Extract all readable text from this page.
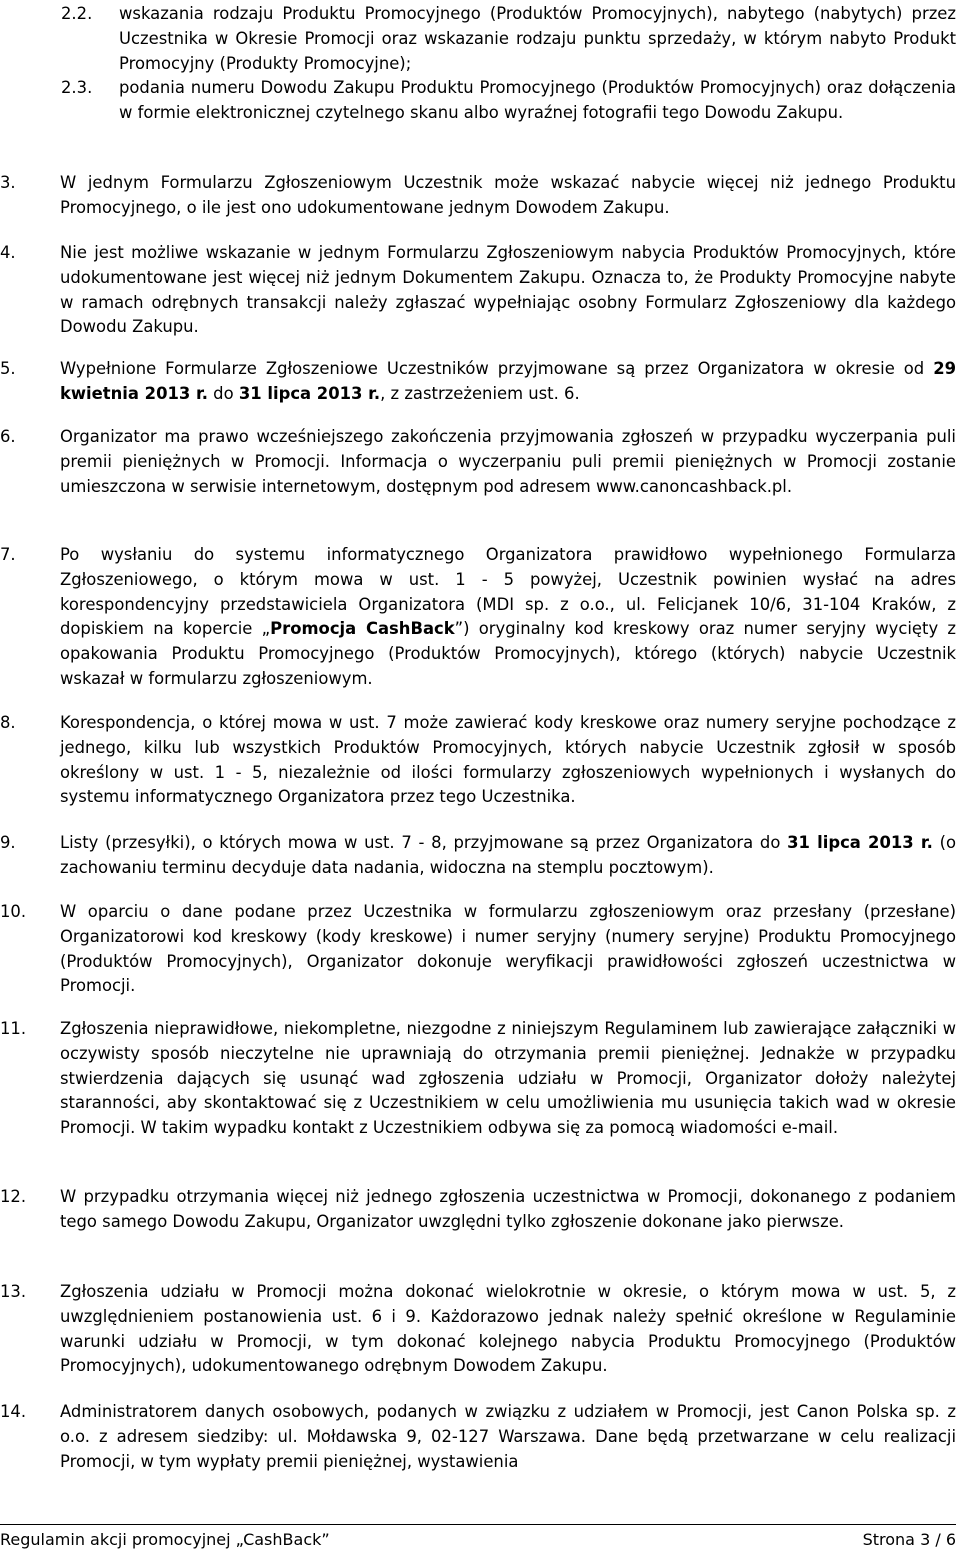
2.2. wskazania rodzaju Produktu Promocyjnego (Produktów Promocyjnych), nabytego (nabytych) przez Uczestnika w Okresie Promocji oraz wskazanie rodzaju punktu sprzedaży, w którym nabyto Produkt Promocyjny (Produkty Promocyjne);
2.3. podania numeru Dowodu Zakupu Produktu Promocyjnego (Produktów Promocyjnych) oraz dołączenia w formie elektronicznej czytelnego skanu albo wyraźnej fotografii tego Dowodu Zakupu.
3.	W jednym Formularzu Zgłoszeniowym Uczestnik może wskazać nabycie więcej niż jednego Produktu Promocyjnego, o ile jest ono udokumentowane jednym Dowodem Zakupu.
4.	Nie jest możliwe wskazanie w jednym Formularzu Zgłoszeniowym nabycia Produktów Promocyjnych, które udokumentowane jest więcej niż jednym Dokumentem Zakupu. Oznacza to, że Produkty Promocyjne nabyte w ramach odrębnych transakcji należy zgłaszać wypełniając osobny Formularz Zgłoszeniowy dla każdego Dowodu Zakupu.
5.	Wypełnione Formularze Zgłoszeniowe Uczestników przyjmowane są przez Organizatora w okresie od 29 kwietnia 2013 r. do 31 lipca 2013 r., z zastrzeżeniem ust. 6.
6.	Organizator ma prawo wcześniejszego zakończenia przyjmowania zgłoszeń w przypadku wyczerpania puli premii pieniężnych w Promocji. Informacja o wyczerpaniu puli premii pieniężnych w Promocji zostanie umieszczona w serwisie internetowym, dostępnym pod adresem www.canoncashback.pl.
7.	Po wysłaniu do systemu informatycznego Organizatora prawidłowo wypełnionego Formularza Zgłoszeniowego, o którym mowa w ust. 1 - 5 powyżej, Uczestnik powinien wysłać na adres korespondencyjny przedstawiciela Organizatora (MDI sp. z o.o., ul. Felicjanek 10/6, 31-104 Kraków, z dopiskiem na kopercie „Promocja CashBack”) oryginalny kod kreskowy oraz numer seryjny wycięty z opakowania Produktu Promocyjnego (Produktów Promocyjnych), którego (których) nabycie Uczestnik wskazał w formularzu zgłoszeniowym.
8.	Korespondencja, o której mowa w ust. 7 może zawierać kody kreskowe oraz numery seryjne pochodzące z jednego, kilku lub wszystkich Produktów Promocyjnych, których nabycie Uczestnik zgłosił w sposób określony w ust. 1 - 5, niezależnie od ilości formularzy zgłoszeniowych wypełnionych i wysłanych do systemu informatycznego Organizatora przez tego Uczestnika.
9.	Listy (przesyłki), o których mowa w ust. 7 - 8, przyjmowane są przez Organizatora do 31 lipca 2013 r. (o zachowaniu terminu decyduje data nadania, widoczna na stemplu pocztowym).
10. W oparciu o dane podane przez Uczestnika w formularzu zgłoszeniowym oraz przesłany (przesłane) Organizatorowi kod kreskowy (kody kreskowe) i numer seryjny (numery seryjne) Produktu Promocyjnego (Produktów Promocyjnych), Organizator dokonuje weryfikacji prawidłowości zgłoszeń uczestnictwa w Promocji.
11. Zgłoszenia nieprawidłowe, niekompletne, niezgodne z niniejszym Regulaminem lub zawierające załączniki w oczywisty sposób nieczytelne nie uprawniają do otrzymania premii pieniężnej. Jednakże w przypadku stwierdzenia dających się usunąć wad zgłoszenia udziału w Promocji, Organizator dołoży należytej staranności, aby skontaktować się z Uczestnikiem w celu umożliwienia mu usunięcia takich wad w okresie Promocji. W takim wypadku kontakt z Uczestnikiem odbywa się za pomocą wiadomości e-mail.
12. W przypadku otrzymania więcej niż jednego zgłoszenia uczestnictwa w Promocji, dokonanego z podaniem tego samego Dowodu Zakupu, Organizator uwzględni tylko zgłoszenie dokonane jako pierwsze.
13. Zgłoszenia udziału w Promocji można dokonać wielokrotnie w okresie, o którym mowa w ust. 5, z uwzględnieniem postanowienia ust. 6 i 9. Każdorazowo jednak należy spełnić określone w Regulaminie warunki udziału w Promocji, w tym dokonać kolejnego nabycia Produktu Promocyjnego (Produktów Promocyjnych), udokumentowanego odrębnym Dowodem Zakupu.
14. Administratorem danych osobowych, podanych w związku z udziałem w Promocji, jest Canon Polska sp. z o.o. z adresem siedziby: ul. Mołdawska 9, 02-127 Warszawa. Dane będą przetwarzane w celu realizacji Promocji, w tym wypłaty premii pieniężnej, wystawienia
Regulamin akcji promocyjnej „CashBack”	Strona 3 / 6
